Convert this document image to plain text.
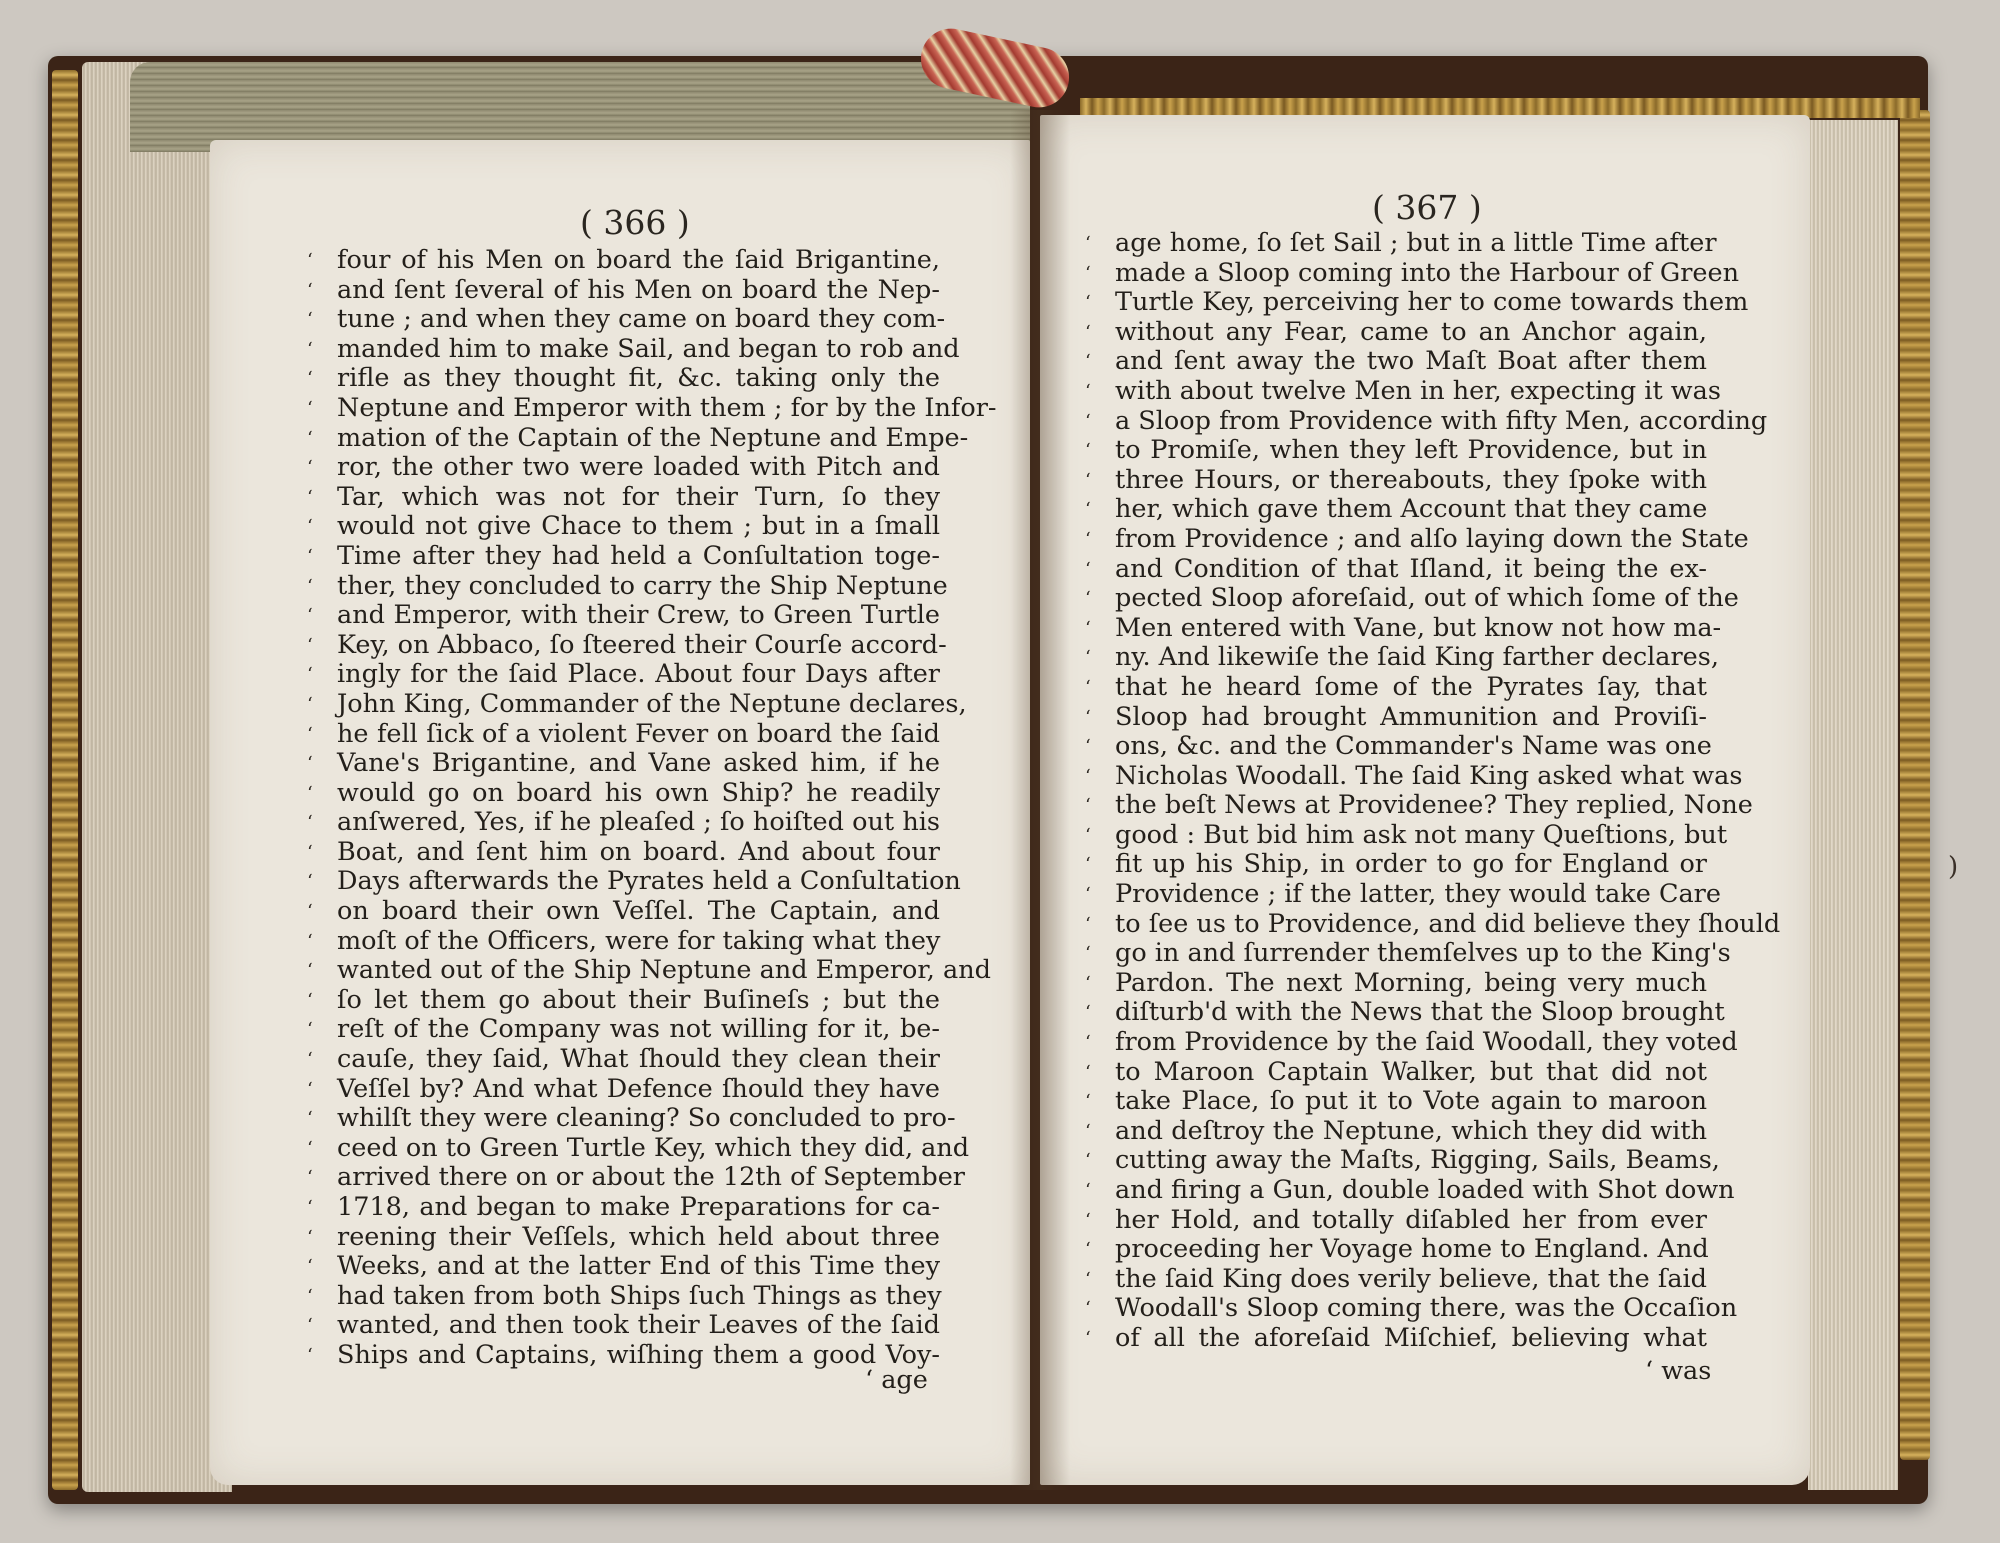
( 366 )	( 367 )
‘ four of his Men on board the ſaid Brigantine,
‘ and ſent ſeveral of his Men on board the Nep-
‘ tune ; and when they came on board they com-
‘ manded him to make Sail, and began to rob and
‘ rifle as they thought fit, &c. taking only the
‘ Neptune and Emperor with them ; for by the Infor-
‘ mation of the Captain of the Neptune and Empe-
‘ ror, the other two were loaded with Pitch and
‘ Tar, which was not for their Turn, ſo they
‘ would not give Chace to them ; but in a ſmall
‘ Time after they had held a Conſultation toge-
‘ ther, they concluded to carry the Ship Neptune
‘ and Emperor, with their Crew, to Green Turtle
‘ Key, on Abbaco, ſo ſteered their Courſe accord-
‘ ingly for the ſaid Place. About four Days after
‘ John King, Commander of the Neptune declares,
‘ he fell ſick of a violent Fever on board the ſaid
‘ Vane's Brigantine, and Vane asked him, if he
‘ would go on board his own Ship? he readily
‘ anſwered, Yes, if he pleaſed ; ſo hoiſted out his
‘ Boat, and ſent him on board. And about four
‘ Days afterwards the Pyrates held a Conſultation
‘ on board their own Veſſel. The Captain, and
‘ moſt of the Officers, were for taking what they
‘ wanted out of the Ship Neptune and Emperor, and
‘ ſo let them go about their Buſineſs ; but the
‘ reſt of the Company was not willing for it, be-
‘ cauſe, they ſaid, What ſhould they clean their
‘ Veſſel by? And what Defence ſhould they have
‘ whilſt they were cleaning? So concluded to pro-
‘ ceed on to Green Turtle Key, which they did, and
‘ arrived there on or about the 12th of September
‘ 1718, and began to make Preparations for ca-
‘ reening their Veſſels, which held about three
‘ Weeks, and at the latter End of this Time they
‘ had taken from both Ships ſuch Things as they
‘ wanted, and then took their Leaves of the ſaid
‘ Ships and Captains, wiſhing them a good Voy-
‘ age home, ſo ſet Sail ; but in a little Time after
‘ made a Sloop coming into the Harbour of Green
‘ Turtle Key, perceiving her to come towards them
‘ without any Fear, came to an Anchor again,
‘ and ſent away the two Maſt Boat after them
‘ with about twelve Men in her, expecting it was
‘ a Sloop from Providence with fifty Men, according
‘ to Promiſe, when they left Providence, but in
‘ three Hours, or thereabouts, they ſpoke with
‘ her, which gave them Account that they came
‘ from Providence ; and alſo laying down the State
‘ and Condition of that Iſland, it being the ex-
‘ pected Sloop aforeſaid, out of which ſome of the
‘ Men entered with Vane, but know not how ma-
‘ ny. And likewiſe the ſaid King farther declares,
‘ that he heard ſome of the Pyrates ſay, that
‘ Sloop had brought Ammunition and Proviſi-
‘ ons, &c. and the Commander's Name was one
‘ Nicholas Woodall. The ſaid King asked what was
‘ the beſt News at Providenee? They replied, None
‘ good : But bid him ask not many Queſtions, but
‘ fit up his Ship, in order to go for England or
‘ Providence ; if the latter, they would take Care
‘ to ſee us to Providence, and did believe they ſhould
‘ go in and ſurrender themſelves up to the King's
‘ Pardon. The next Morning, being very much
‘ diſturb'd with the News that the Sloop brought
‘ from Providence by the ſaid Woodall, they voted
‘ to Maroon Captain Walker, but that did not
‘ take Place, ſo put it to Vote again to maroon
‘ and deſtroy the Neptune, which they did with
‘ cutting away the Maſts, Rigging, Sails, Beams,
‘ and firing a Gun, double loaded with Shot down
‘ her Hold, and totally diſabled her from ever
‘ proceeding her Voyage home to England. And
‘ the ſaid King does verily believe, that the ſaid
‘ Woodall's Sloop coming there, was the Occaſion
‘ of all the aforeſaid Miſchief, believing what
‘ age	‘ was
)
